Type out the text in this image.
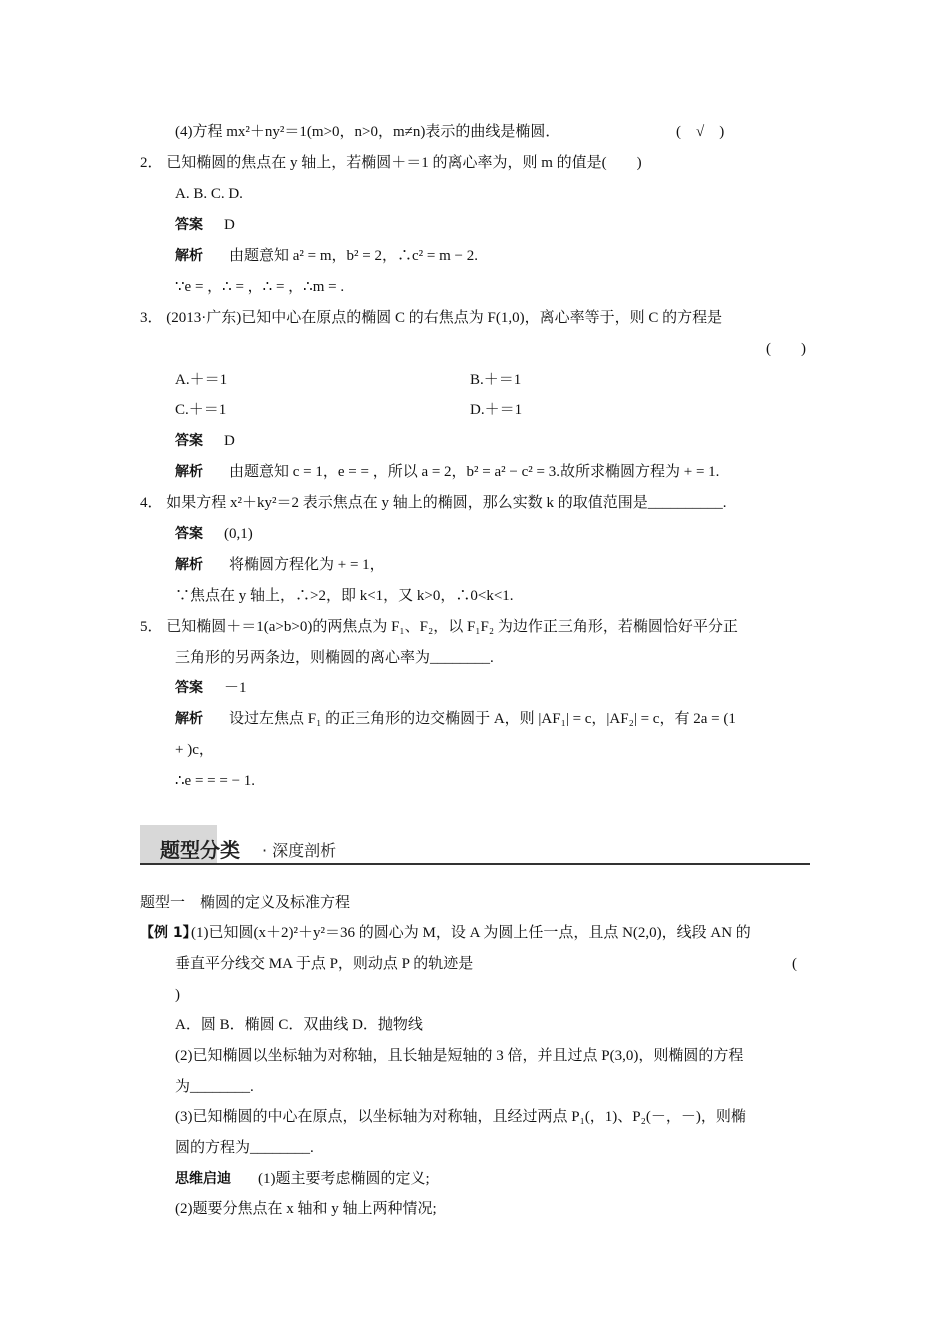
(4)方程 mx²＋ny²＝1(m>0，n>0，m≠n)表示的曲线是椭圆．	(　√　)
2． 已知椭圆的焦点在 y 轴上，若椭圆＋＝1 的离心率为，则 m 的值是(　　)
A. B. C. D.
答案 D
解析 由题意知 a² = m，b² = 2，∴c² = m − 2.
∵e = ，∴ = ，∴ = ，∴m = .
3． (2013·广东)已知中心在原点的椭圆 C 的右焦点为 F(1,0)，离心率等于，则 C 的方程是
(　　)
A.＋＝1	B.＋＝1
C.＋＝1	D.＋＝1
答案 D
解析 由题意知 c = 1，e = = ，所以 a = 2，b² = a² − c² = 3.故所求椭圆方程为 + = 1.
4． 如果方程 x²＋ky²＝2 表示焦点在 y 轴上的椭圆，那么实数 k 的取值范围是__________.
答案 (0,1)
解析 将椭圆方程化为 + = 1，
∵焦点在 y 轴上，∴>2，即 k<1，又 k>0，∴0<k<1.
5． 已知椭圆＋＝1(a>b>0)的两焦点为 F₁、F₂，以 F₁F₂ 为边作正三角形，若椭圆恰好平分正
三角形的另两条边，则椭圆的离心率为________.
答案 －1
解析 设过左焦点 F₁ 的正三角形的边交椭圆于 A，则 |AF₁| = c，|AF₂| = c，有 2a = (1
+ )c，
∴e = = = − 1.
题型分类 · 深度剖析
题型一　椭圆的定义及标准方程
【例 1】
(1)已知圆(x＋2)²＋y²＝36 的圆心为 M，设 A 为圆上任一点，且点 N(2,0)，线段 AN 的
垂直平分线交 MA 于点 P，则动点 P 的轨迹是	(
)
A．圆 B．椭圆 C．双曲线 D．抛物线
(2)已知椭圆以坐标轴为对称轴，且长轴是短轴的 3 倍，并且过点 P(3,0)，则椭圆的方程
为________.
(3)已知椭圆的中心在原点，以坐标轴为对称轴，且经过两点 P₁(，1)、P₂(－，－)，则椭
圆的方程为________.
思维启迪 (1)题主要考虑椭圆的定义;
(2)题要分焦点在 x 轴和 y 轴上两种情况;
